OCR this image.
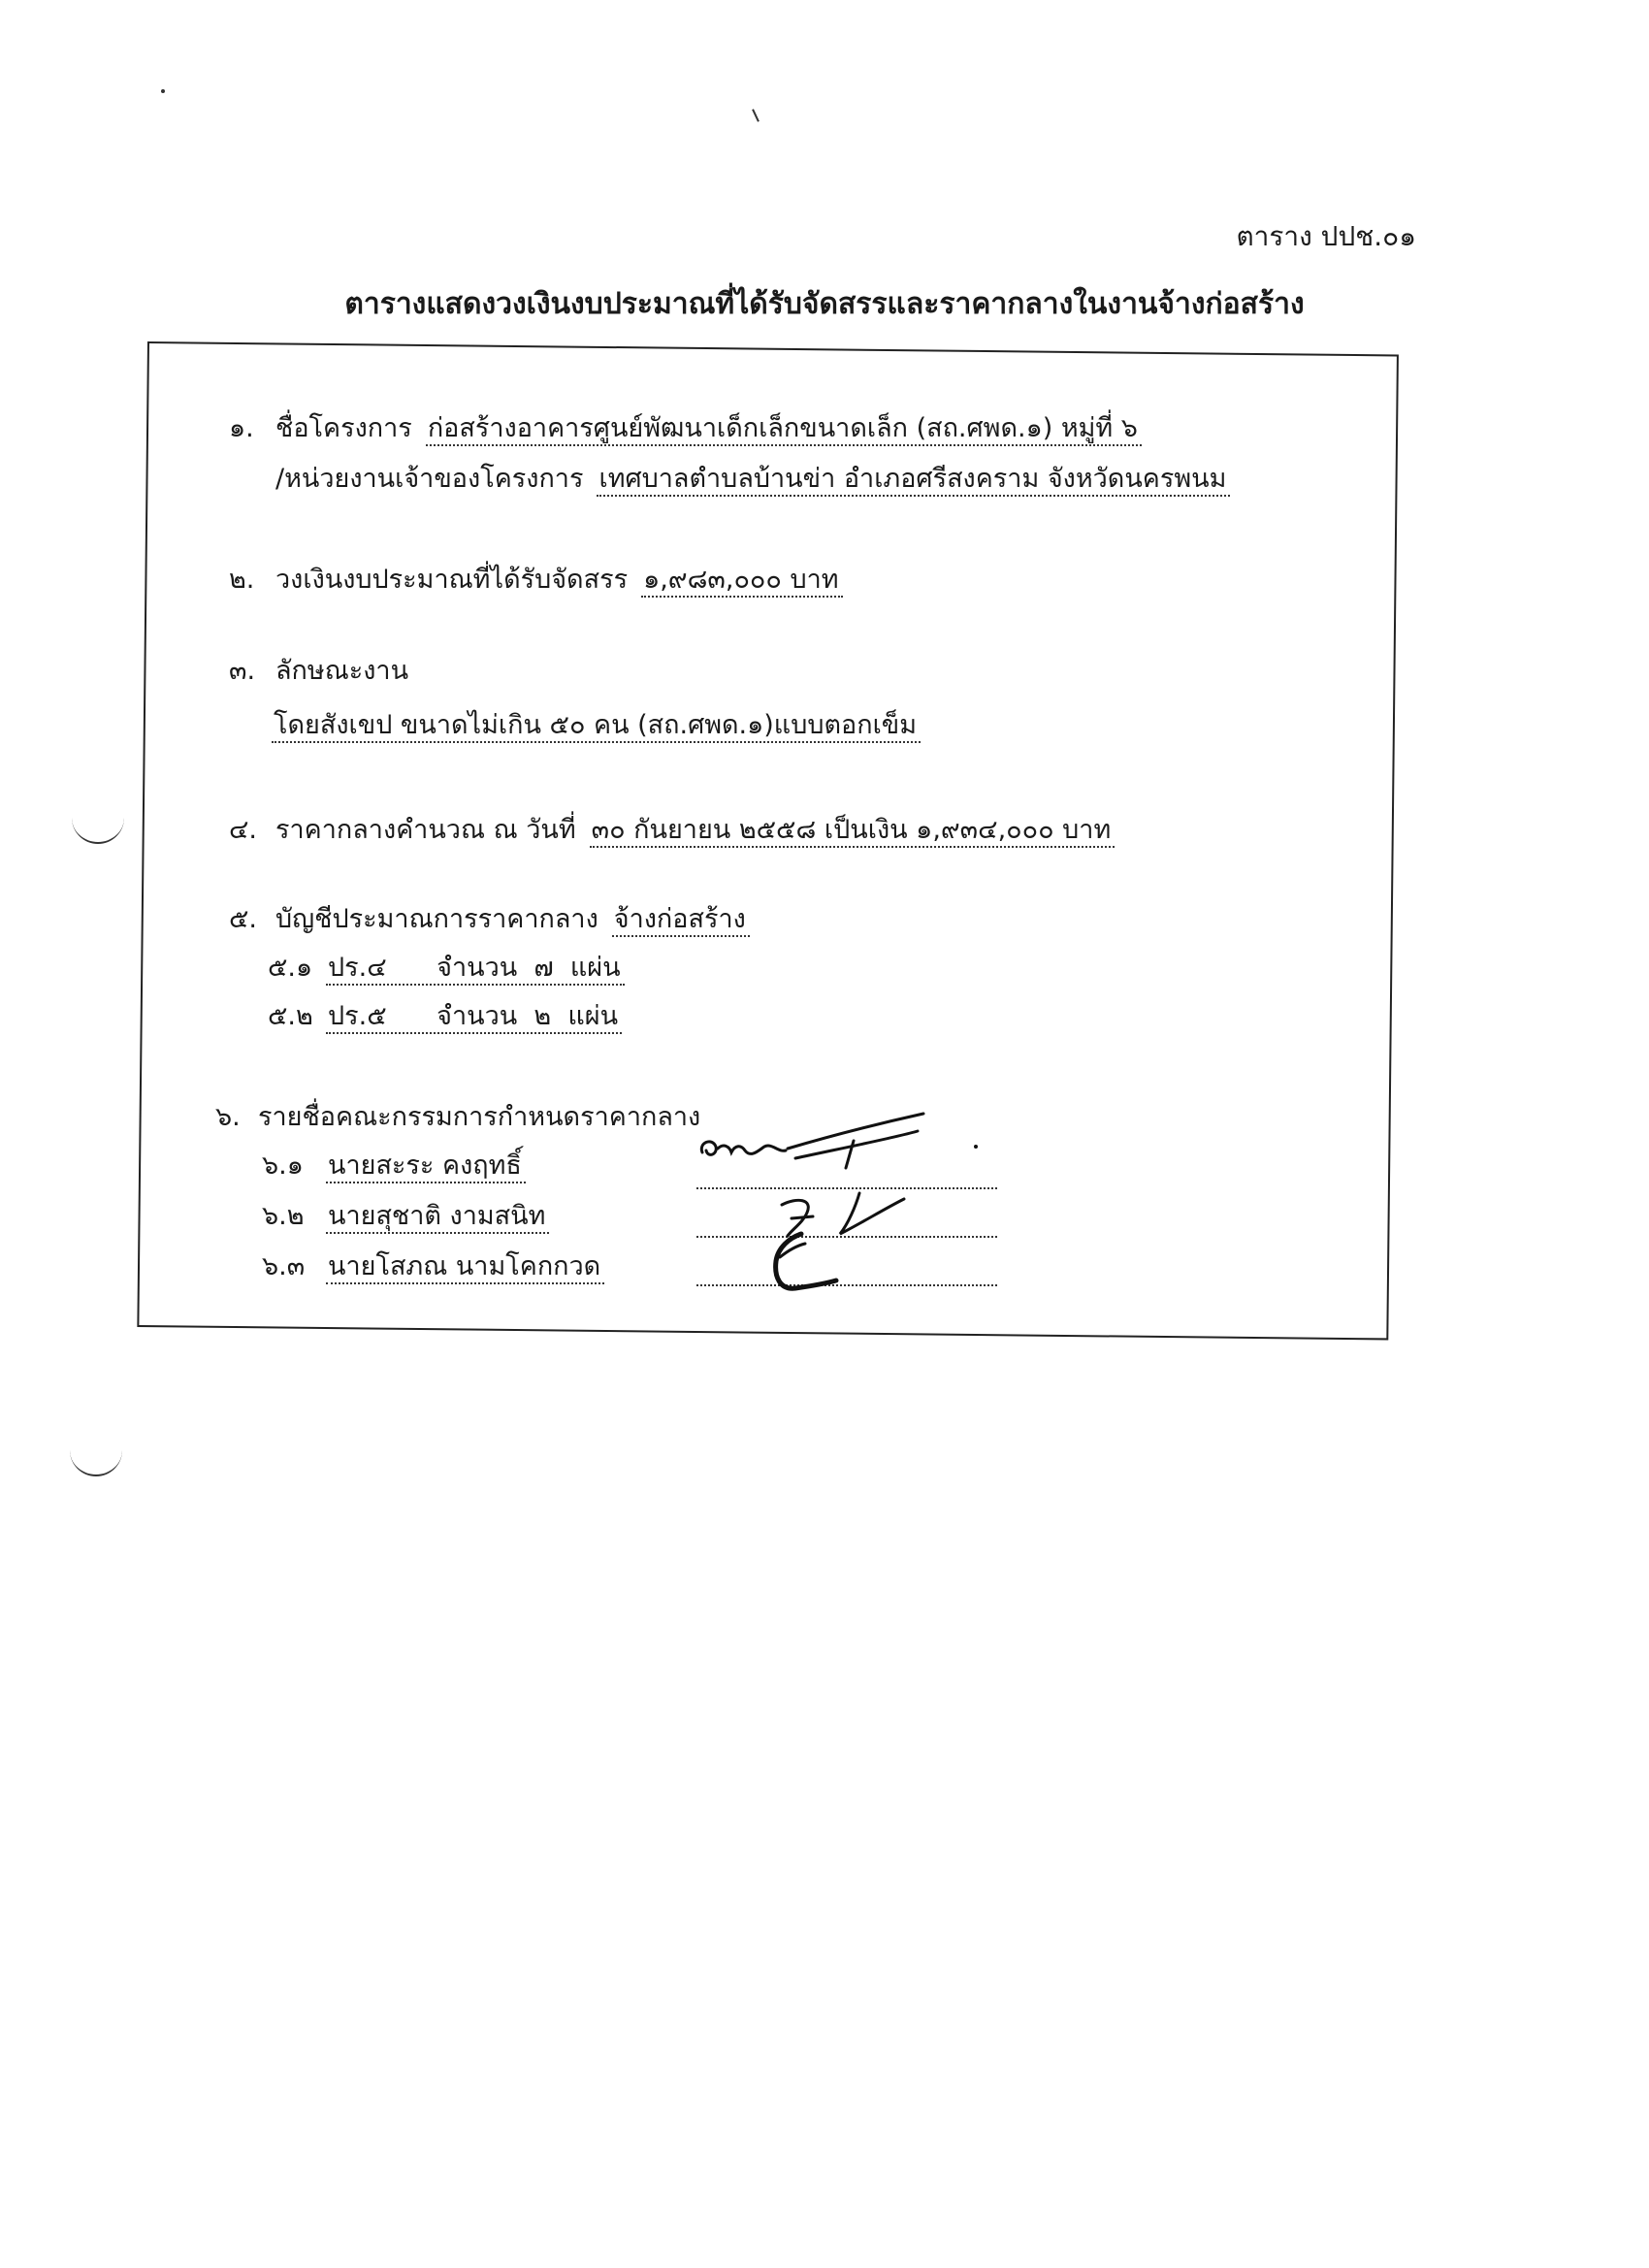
ตาราง ปปช.๐๑
ตารางแสดงวงเงินงบประมาณที่ได้รับจัดสรรและราคากลางในงานจ้างก่อสร้าง
๑. ชื่อโครงการ ก่อสร้างอาคารศูนย์พัฒนาเด็กเล็กขนาดเล็ก (สถ.ศพด.๑) หมู่ที่ ๖
/หน่วยงานเจ้าของโครงการ เทศบาลตำบลบ้านข่า อำเภอศรีสงคราม จังหวัดนครพนม
๒. วงเงินงบประมาณที่ได้รับจัดสรร ๑,๙๘๓,๐๐๐ บาท
๓. ลักษณะงาน
โดยสังเขป ขนาดไม่เกิน ๕๐ คน (สถ.ศพด.๑)แบบตอกเข็ม
๔. ราคากลางคำนวณ ณ วันที่ ๓๐ กันยายน ๒๕๕๘ เป็นเงิน ๑,๙๓๔,๐๐๐ บาท
๕. บัญชีประมาณการราคากลาง จ้างก่อสร้าง
๕.๑ ปร.๔ จำนวน ๗ แผ่น
๕.๒ ปร.๕ จำนวน ๒ แผ่น
๖. รายชื่อคณะกรรมการกำหนดราคากลาง
๖.๑ นายสะระ คงฤทธิ์
๖.๒ นายสุชาติ งามสนิท
๖.๓ นายโสภณ นามโคกกวด
